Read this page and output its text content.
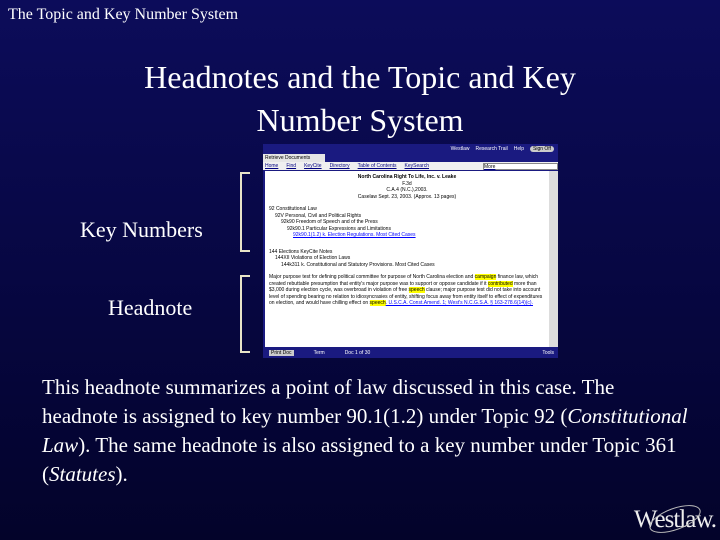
The Topic and Key Number System
Headnotes and the Topic and Key
Number System
Key Numbers
Headnote
Westlaw Research Trail Help	Sign Off
Retrieve Documents
Home Find KeyCite Directory Table of Contents KeySearch	More
North Carolina Right To Life, Inc. v. Leake
F.3d
C.A.4 (N.C.),2003.
Caselaw Sept. 23, 2003. (Approx. 13 pages)
92 Constitutional Law
92V Personal, Civil and Political Rights
92k90 Freedom of Speech and of the Press
92k90.1 Particular Expressions and Limitations
92k90.1(1.2) k. Election Regulations. Most Cited Cases
144 Elections KeyCite Notes
144XII Violations of Election Laws
144k311 k. Constitutional and Statutory Provisions. Most Cited Cases
Major purpose test for defining political committee for purpose of North Carolina election and campaign finance law, which created rebuttable presumption that entity's major purpose was to support or oppose candidate if it contributed more than $3,000 during election cycle, was overbroad in violation of free speech clause; major purpose test did not take into account level of spending bearing no relation to idiosyncrasies of entity, shifting focus away from entity itself to effect of expenditures on election, and would have chilling effect on speech. U.S.C.A. Const.Amend. 1; West's N.C.G.S.A. § 163-278.6(14)(c).
Print Doc	Term	Doc 1 of 30	Tools
This headnote summarizes a point of law discussed in this case. The headnote is assigned to key number 90.1(1.2) under Topic 92 (Constitutional Law). The same headnote is also assigned to a key number under Topic 361 (Statutes).
Westlaw.
